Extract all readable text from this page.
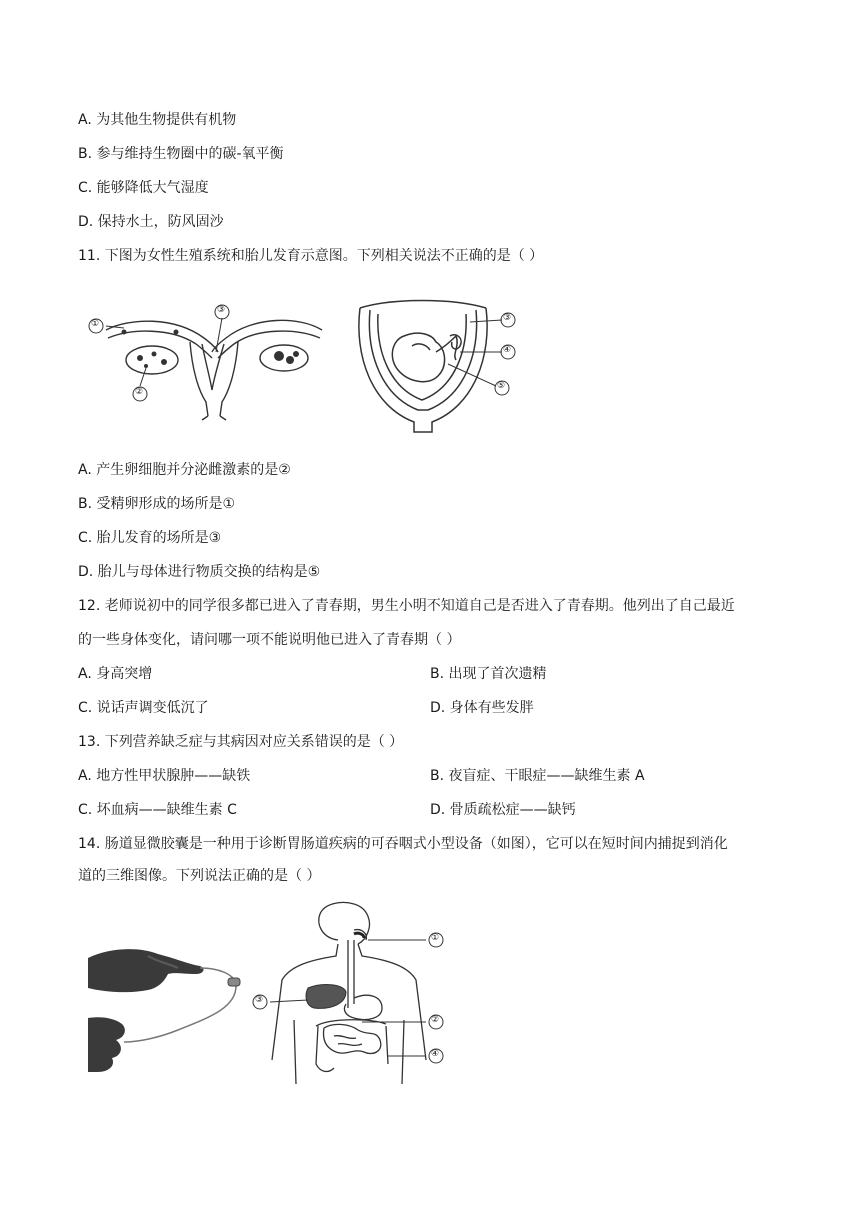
A. 为其他生物提供有机物
B. 参与维持生物圈中的碳-氧平衡
C. 能够降低大气湿度
D. 保持水土，防风固沙
11. 下图为女性生殖系统和胎儿发育示意图。下列相关说法不正确的是（ ）
①
②
③
③
④
⑤
A. 产生卵细胞并分泌雌激素的是②
B. 受精卵形成的场所是①
C. 胎儿发育的场所是③
D. 胎儿与母体进行物质交换的结构是⑤
12. 老师说初中的同学很多都已进入了青春期，男生小明不知道自己是否进入了青春期。他列出了自己最近
的一些身体变化，请问哪一项不能说明他已进入了青春期（ ）
A. 身高突增	B. 出现了首次遗精
C. 说话声调变低沉了	D. 身体有些发胖
13. 下列营养缺乏症与其病因对应关系错误的是（ ）
A. 地方性甲状腺肿——缺铁	B. 夜盲症、干眼症——缺维生素 A
C. 坏血病——缺维生素 C	D. 骨质疏松症——缺钙
14. 肠道显微胶囊是一种用于诊断胃肠道疾病的可吞咽式小型设备（如图），它可以在短时间内捕捉到消化
道的三维图像。下列说法正确的是（ ）
①
③
②
④
